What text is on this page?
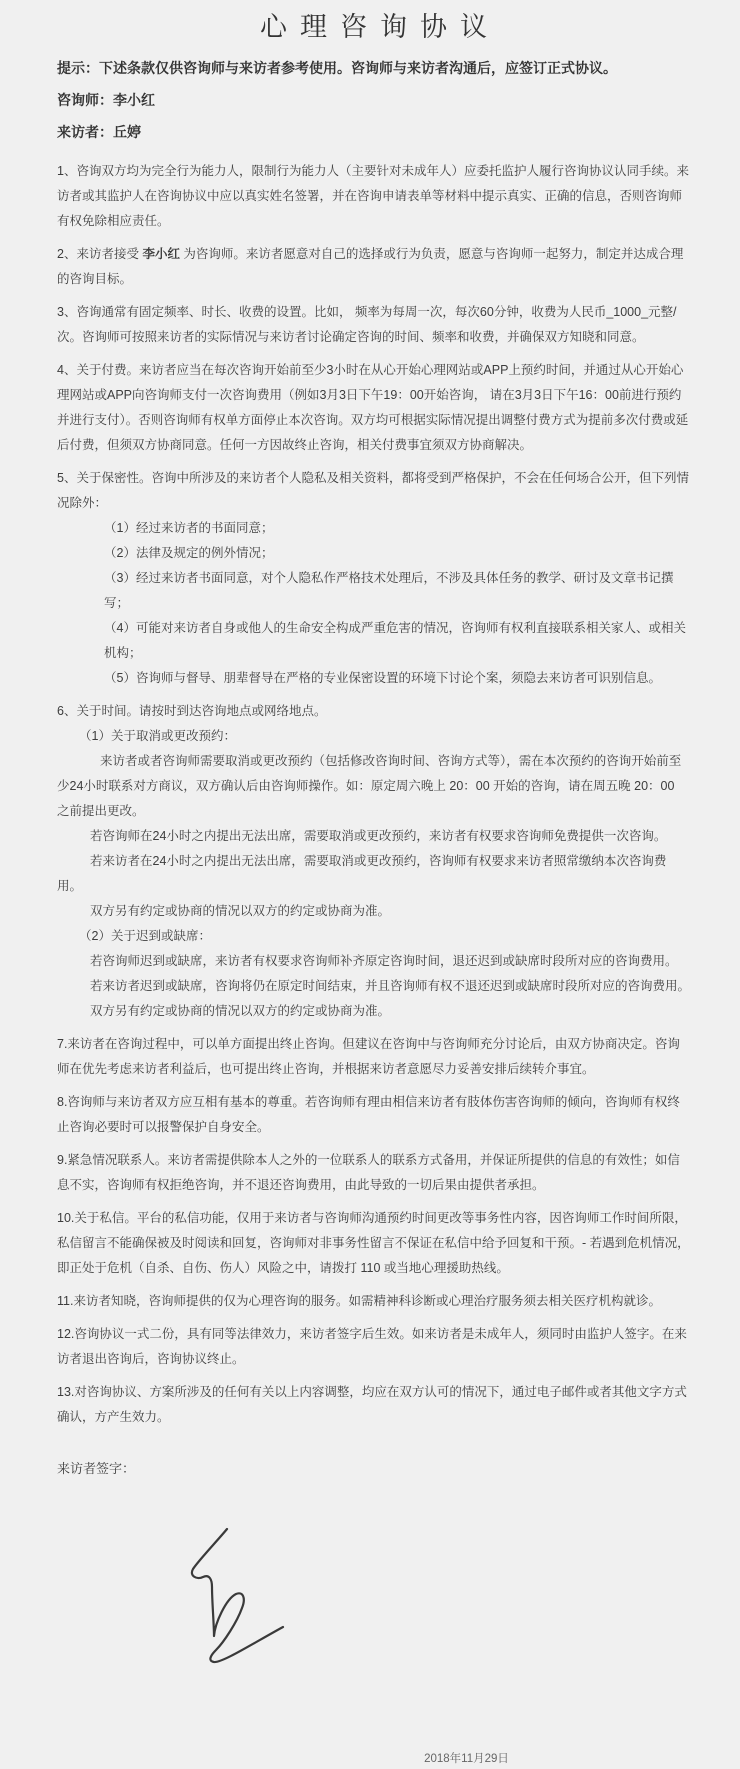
心理咨询协议

提示：下述条款仅供咨询师与来访者参考使用。咨询师与来访者沟通后，应签订正式协议。

咨询师：李小红

来访者：丘婷

1、咨询双方均为完全行为能力人，限制行为能力人（主要针对未成年人）应委托监护人履行咨询协议认同手续。来访者或其监护人在咨询协议中应以真实姓名签署，并在咨询申请表单等材料中提示真实、正确的信息，否则咨询师有权免除相应责任。

2、来访者接受 李小红 为咨询师。来访者愿意对自己的选择或行为负责，愿意与咨询师一起努力，制定并达成合理的咨询目标。

3、咨询通常有固定频率、时长、收费的设置。比如， 频率为每周一次，每次60分钟，收费为人民币_1000_元整/次。咨询师可按照来访者的实际情况与来访者讨论确定咨询的时间、频率和收费，并确保双方知晓和同意。

4、关于付费。来访者应当在每次咨询开始前至少3小时在从心开始心理网站或APP上预约时间，并通过从心开始心理网站或APP向咨询师支付一次咨询费用（例如3月3日下午19：00开始咨询， 请在3月3日下午16：00前进行预约并进行支付）。否则咨询师有权单方面停止本次咨询。双方均可根据实际情况提出调整付费方式为提前多次付费或延后付费，但须双方协商同意。任何一方因故终止咨询，相关付费事宜须双方协商解决。

5、关于保密性。咨询中所涉及的来访者个人隐私及相关资料，都将受到严格保护，不会在任何场合公开，但下列情况除外：

（1）经过来访者的书面同意；

（2）法律及规定的例外情况；

（3）经过来访者书面同意，对个人隐私作严格技术处理后，不涉及具体任务的教学、研讨及文章书记撰写；

（4）可能对来访者自身或他人的生命安全构成严重危害的情况，咨询师有权利直接联系相关家人、或相关机构；

（5）咨询师与督导、朋辈督导在严格的专业保密设置的环境下讨论个案，须隐去来访者可识别信息。

6、关于时间。请按时到达咨询地点或网络地点。

（1）关于取消或更改预约：

来访者或者咨询师需要取消或更改预约（包括修改咨询时间、咨询方式等），需在本次预约的咨询开始前至少24小时联系对方商议，双方确认后由咨询师操作。如：原定周六晚上 20：00 开始的咨询，请在周五晚 20：00 之前提出更改。

若咨询师在24小时之内提出无法出席，需要取消或更改预约，来访者有权要求咨询师免费提供一次咨询。

若来访者在24小时之内提出无法出席，需要取消或更改预约，咨询师有权要求来访者照常缴纳本次咨询费用。

双方另有约定或协商的情况以双方的约定或协商为准。

（2）关于迟到或缺席：

若咨询师迟到或缺席，来访者有权要求咨询师补齐原定咨询时间，退还迟到或缺席时段所对应的咨询费用。

若来访者迟到或缺席，咨询将仍在原定时间结束，并且咨询师有权不退还迟到或缺席时段所对应的咨询费用。

双方另有约定或协商的情况以双方的约定或协商为准。

7.来访者在咨询过程中，可以单方面提出终止咨询。但建议在咨询中与咨询师充分讨论后，由双方协商决定。咨询师在优先考虑来访者利益后，也可提出终止咨询，并根据来访者意愿尽力妥善安排后续转介事宜。

8.咨询师与来访者双方应互相有基本的尊重。若咨询师有理由相信来访者有肢体伤害咨询师的倾向，咨询师有权终止咨询必要时可以报警保护自身安全。

9.紧急情况联系人。来访者需提供除本人之外的一位联系人的联系方式备用，并保证所提供的信息的有效性；如信息不实，咨询师有权拒绝咨询，并不退还咨询费用，由此导致的一切后果由提供者承担。

10.关于私信。平台的私信功能，仅用于来访者与咨询师沟通预约时间更改等事务性内容，因咨询师工作时间所限，私信留言不能确保被及时阅读和回复，咨询师对非事务性留言不保证在私信中给予回复和干预。- 若遇到危机情况，即正处于危机（自杀、自伤、伤人）风险之中，请拨打 110 或当地心理援助热线。

11.来访者知晓，咨询师提供的仅为心理咨询的服务。如需精神科诊断或心理治疗服务须去相关医疗机构就诊。

12.咨询协议一式二份，具有同等法律效力，来访者签字后生效。如来访者是未成年人，须同时由监护人签字。在来访者退出咨询后，咨询协议终止。

13.对咨询协议、方案所涉及的任何有关以上内容调整，均应在双方认可的情况下，通过电子邮件或者其他文字方式确认，方产生效力。

来访者签字：

2018年11月29日
